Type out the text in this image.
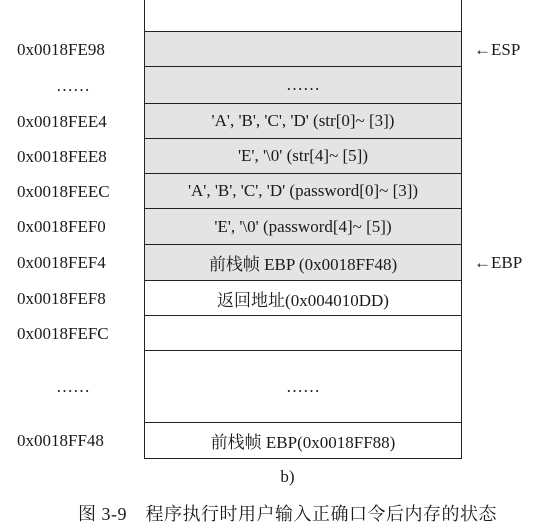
0x0018FE98	←ESP
……
……
'A', 'B', 'C', 'D' (str[0]~ [3])
0x0018FEE4
'E', '\0' (str[4]~ [5])
0x0018FEE8
'A', 'B', 'C', 'D' (password[0]~ [3])
0x0018FEEC
'E', '\0' (password[4]~ [5])
0x0018FEF0
前栈帧 EBP (0x0018FF48)
0x0018FEF4	←EBP
返回地址(0x004010DD)
0x0018FEF8
0x0018FEFC
……
……
前栈帧 EBP(0x0018FF88)
0x0018FF48
b)
图 3-9　程序执行时用户输入正确口令后内存的状态
